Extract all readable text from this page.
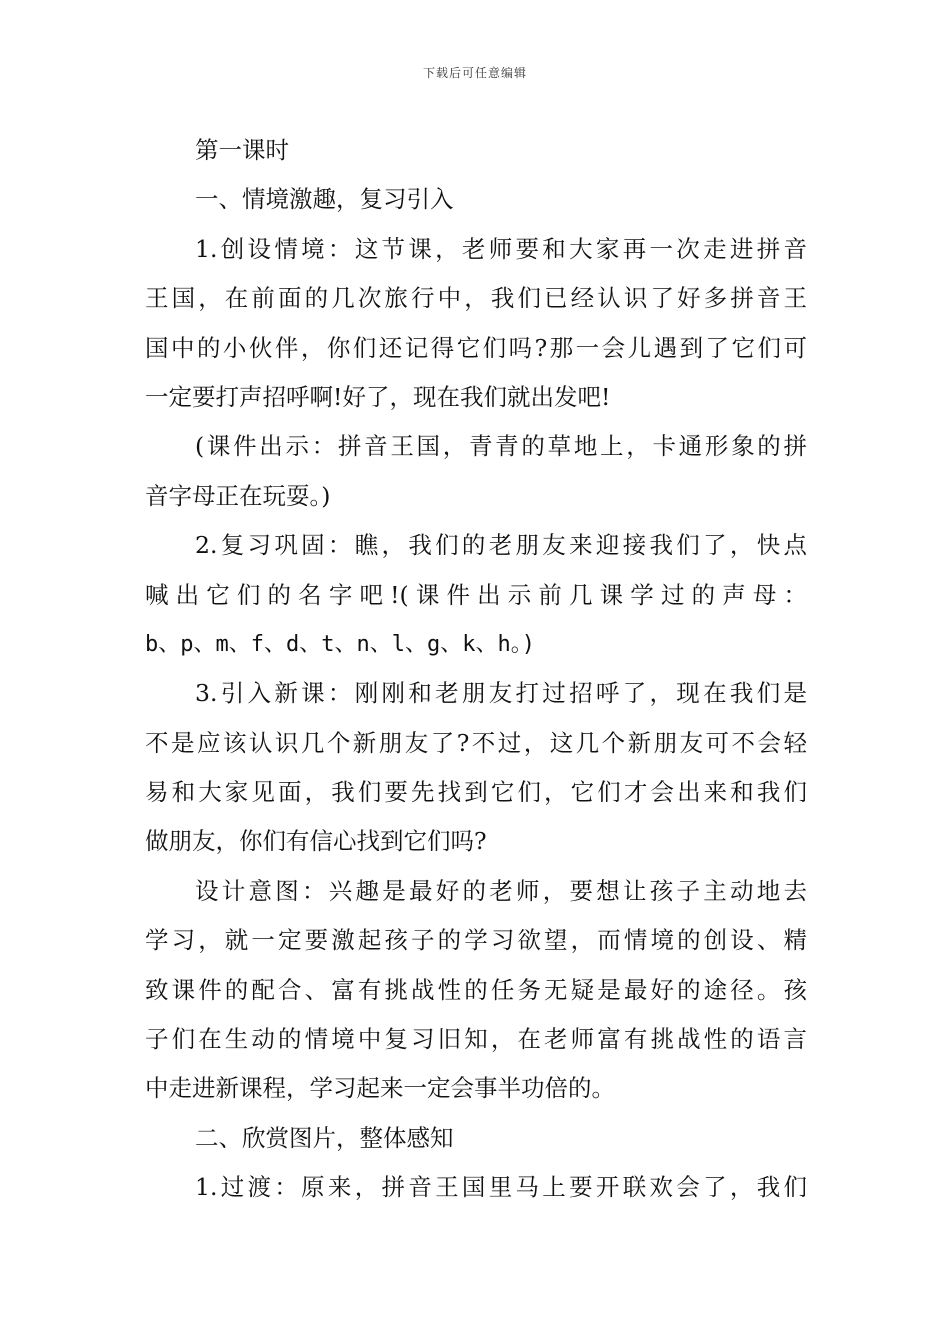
下载后可任意编辑
第一课时
一、情境激趣，复习引入
1.创设情境：这节课，老师要和大家再一次走进拼音
王国，在前面的几次旅行中，我们已经认识了好多拼音王
国中的小伙伴，你们还记得它们吗?那一会儿遇到了它们可
一定要打声招呼啊!好了，现在我们就出发吧!
(课件出示：拼音王国，青青的草地上，卡通形象的拼
音字母正在玩耍。)
2.复习巩固：瞧，我们的老朋友来迎接我们了，快点
喊出它们的名字吧!(课件出示前几课学过的声母：
b、p、m、f、d、t、n、l、g、k、h。)
3.引入新课：刚刚和老朋友打过招呼了，现在我们是
不是应该认识几个新朋友了?不过，这几个新朋友可不会轻
易和大家见面，我们要先找到它们，它们才会出来和我们
做朋友，你们有信心找到它们吗?
设计意图：兴趣是最好的老师，要想让孩子主动地去
学习，就一定要激起孩子的学习欲望，而情境的创设、精
致课件的配合、富有挑战性的任务无疑是最好的途径。孩
子们在生动的情境中复习旧知，在老师富有挑战性的语言
中走进新课程，学习起来一定会事半功倍的。
二、欣赏图片，整体感知
1.过渡：原来，拼音王国里马上要开联欢会了，我们
